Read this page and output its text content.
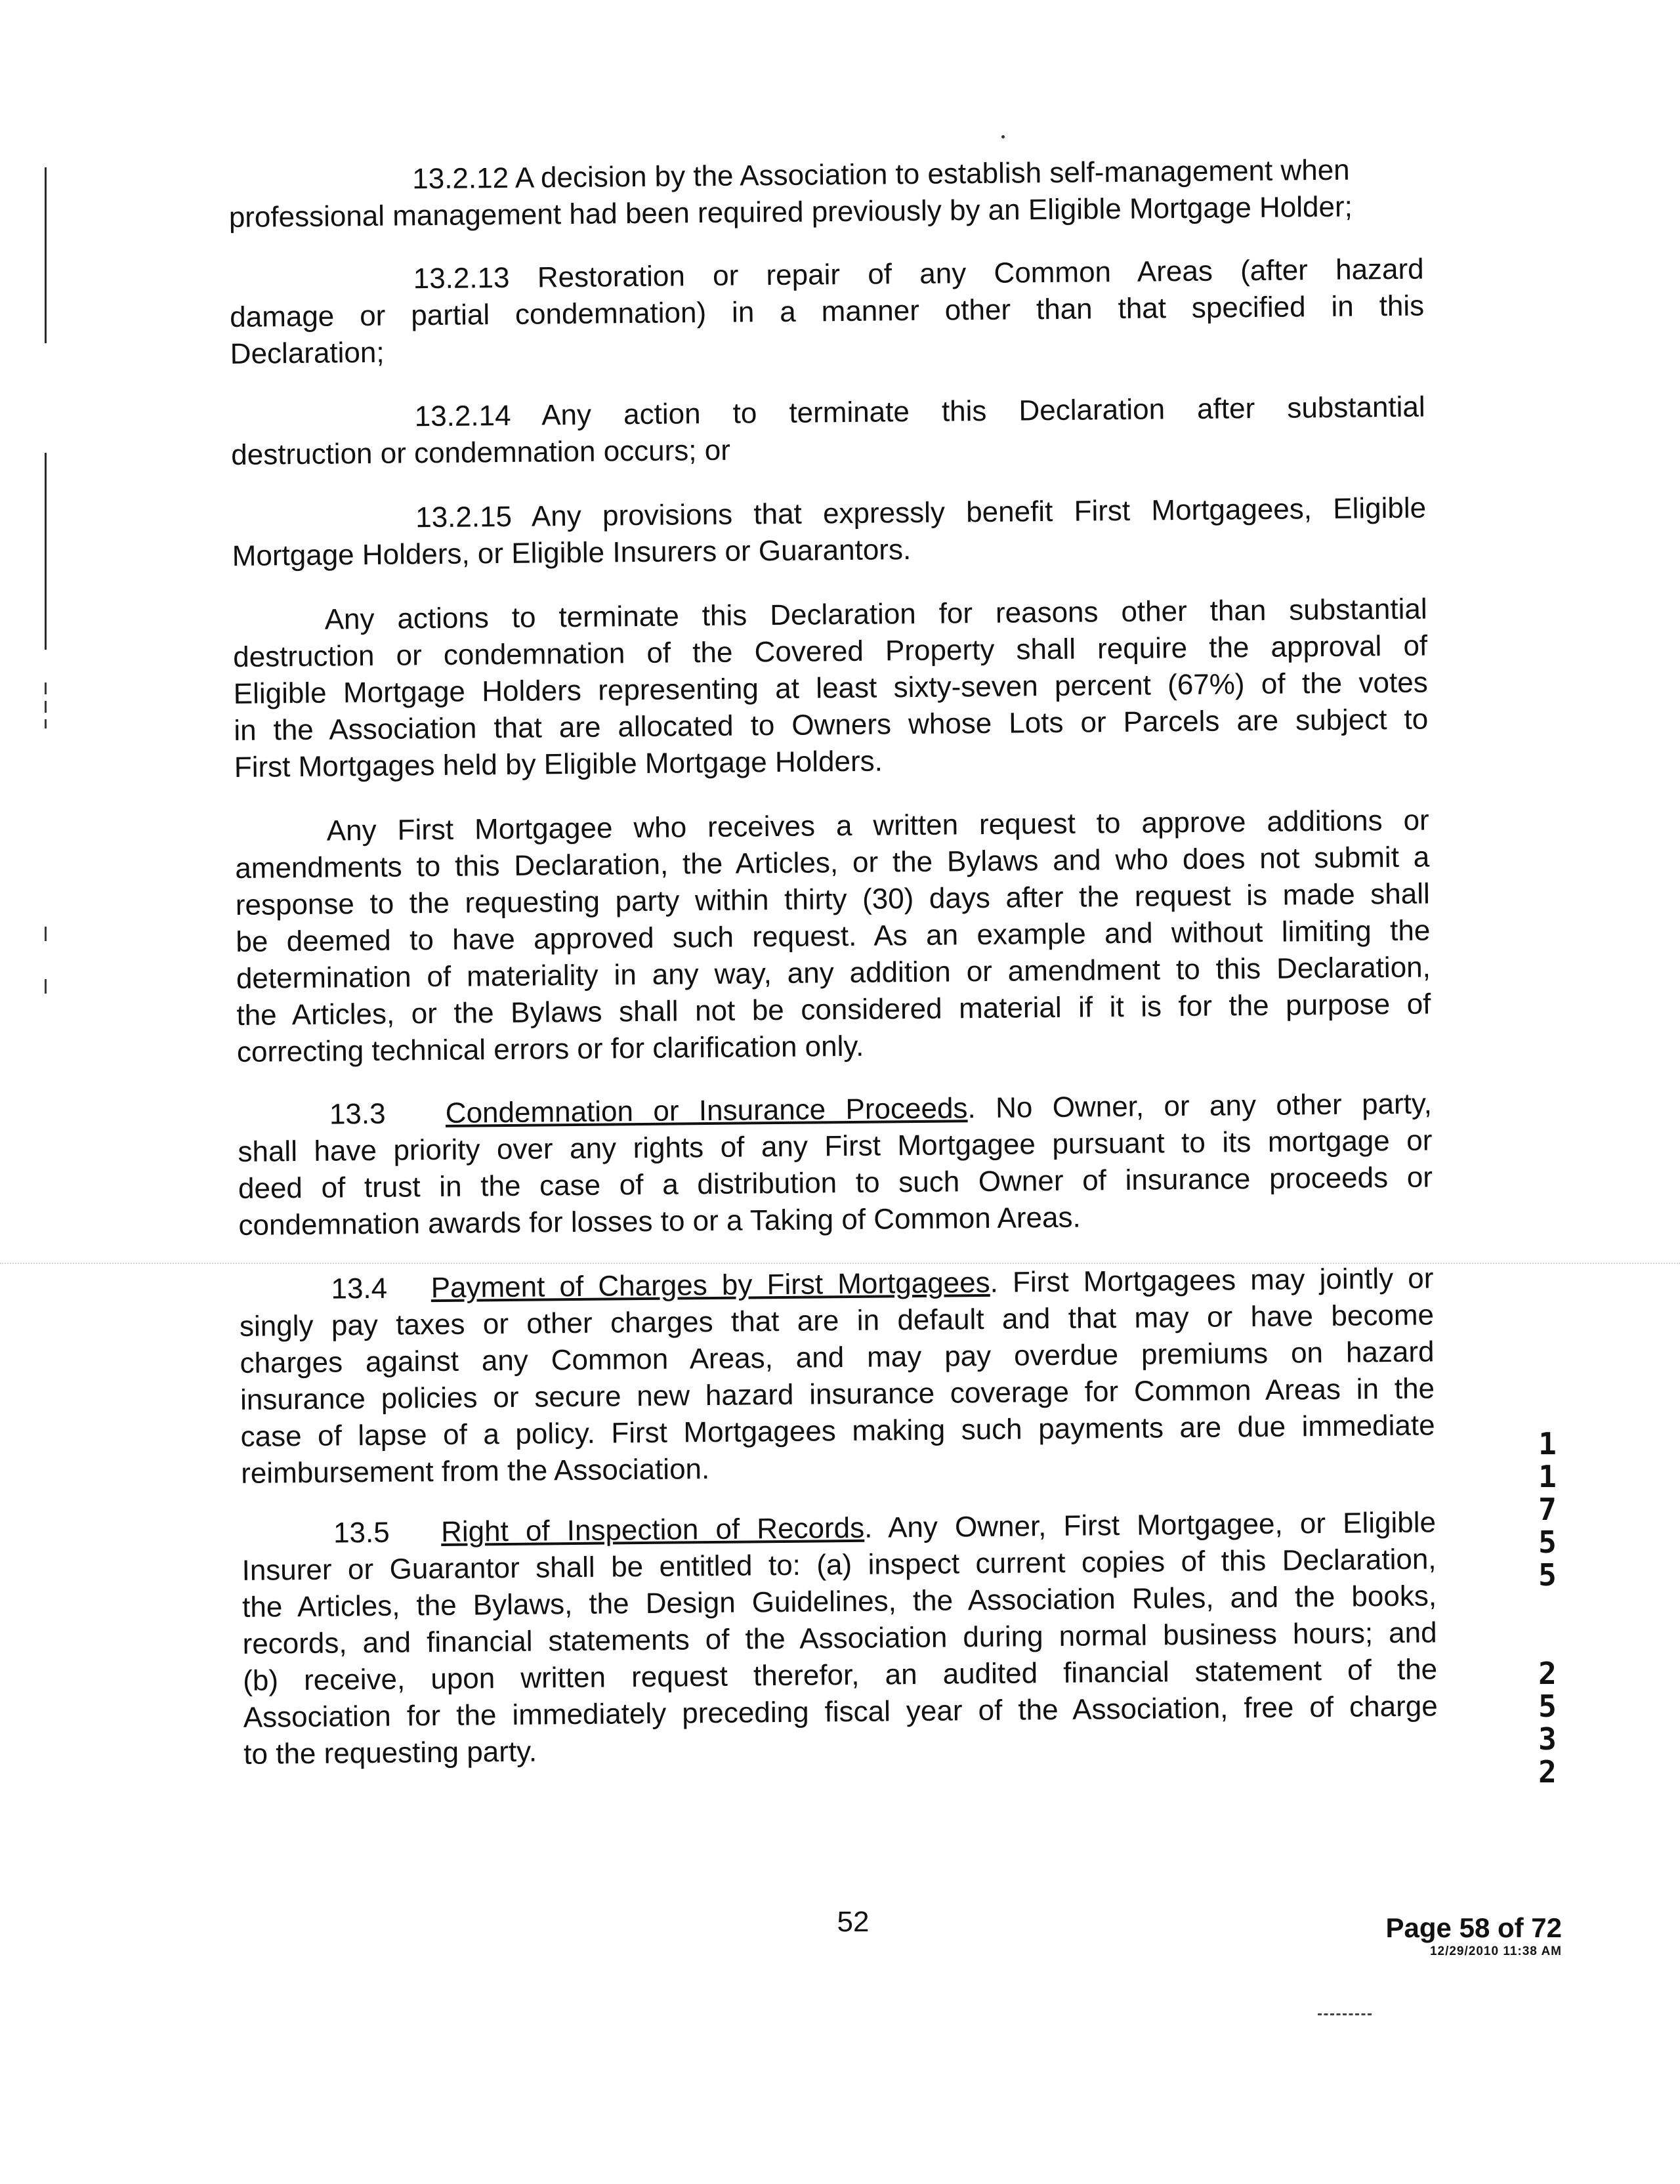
13.2.12 A decision by the Association to establish self-management when
professional management had been required previously by an Eligible Mortgage Holder;

13.2.13 Restoration or repair of any Common Areas (after hazard
damage or partial condemnation) in a manner other than that specified in this
Declaration;

13.2.14 Any action to terminate this Declaration after substantial
destruction or condemnation occurs; or

13.2.15 Any provisions that expressly benefit First Mortgagees, Eligible
Mortgage Holders, or Eligible Insurers or Guarantors.

Any actions to terminate this Declaration for reasons other than substantial
destruction or condemnation of the Covered Property shall require the approval of
Eligible Mortgage Holders representing at least sixty-seven percent (67%) of the votes
in the Association that are allocated to Owners whose Lots or Parcels are subject to
First Mortgages held by Eligible Mortgage Holders.

Any First Mortgagee who receives a written request to approve additions or
amendments to this Declaration, the Articles, or the Bylaws and who does not submit a
response to the requesting party within thirty (30) days after the request is made shall
be deemed to have approved such request. As an example and without limiting the
determination of materiality in any way, any addition or amendment to this Declaration,
the Articles, or the Bylaws shall not be considered material if it is for the purpose of
correcting technical errors or for clarification only.

13.3 Condemnation or Insurance Proceeds. No Owner, or any other party,
shall have priority over any rights of any First Mortgagee pursuant to its mortgage or
deed of trust in the case of a distribution to such Owner of insurance proceeds or
condemnation awards for losses to or a Taking of Common Areas.

13.4 Payment of Charges by First Mortgagees. First Mortgagees may jointly or
singly pay taxes or other charges that are in default and that may or have become
charges against any Common Areas, and may pay overdue premiums on hazard
insurance policies or secure new hazard insurance coverage for Common Areas in the
case of lapse of a policy. First Mortgagees making such payments are due immediate
reimbursement from the Association.

13.5 Right of Inspection of Records. Any Owner, First Mortgagee, or Eligible
Insurer or Guarantor shall be entitled to: (a) inspect current copies of this Declaration,
the Articles, the Bylaws, the Design Guidelines, the Association Rules, and the books,
records, and financial statements of the Association during normal business hours; and
(b) receive, upon written request therefor, an audited financial statement of the
Association for the immediately preceding fiscal year of the Association, free of charge
to the requesting party.

1
1
7
5
5
2
5
3
2
52	Page 58 of 72
12/29/2010 11:38 AM
